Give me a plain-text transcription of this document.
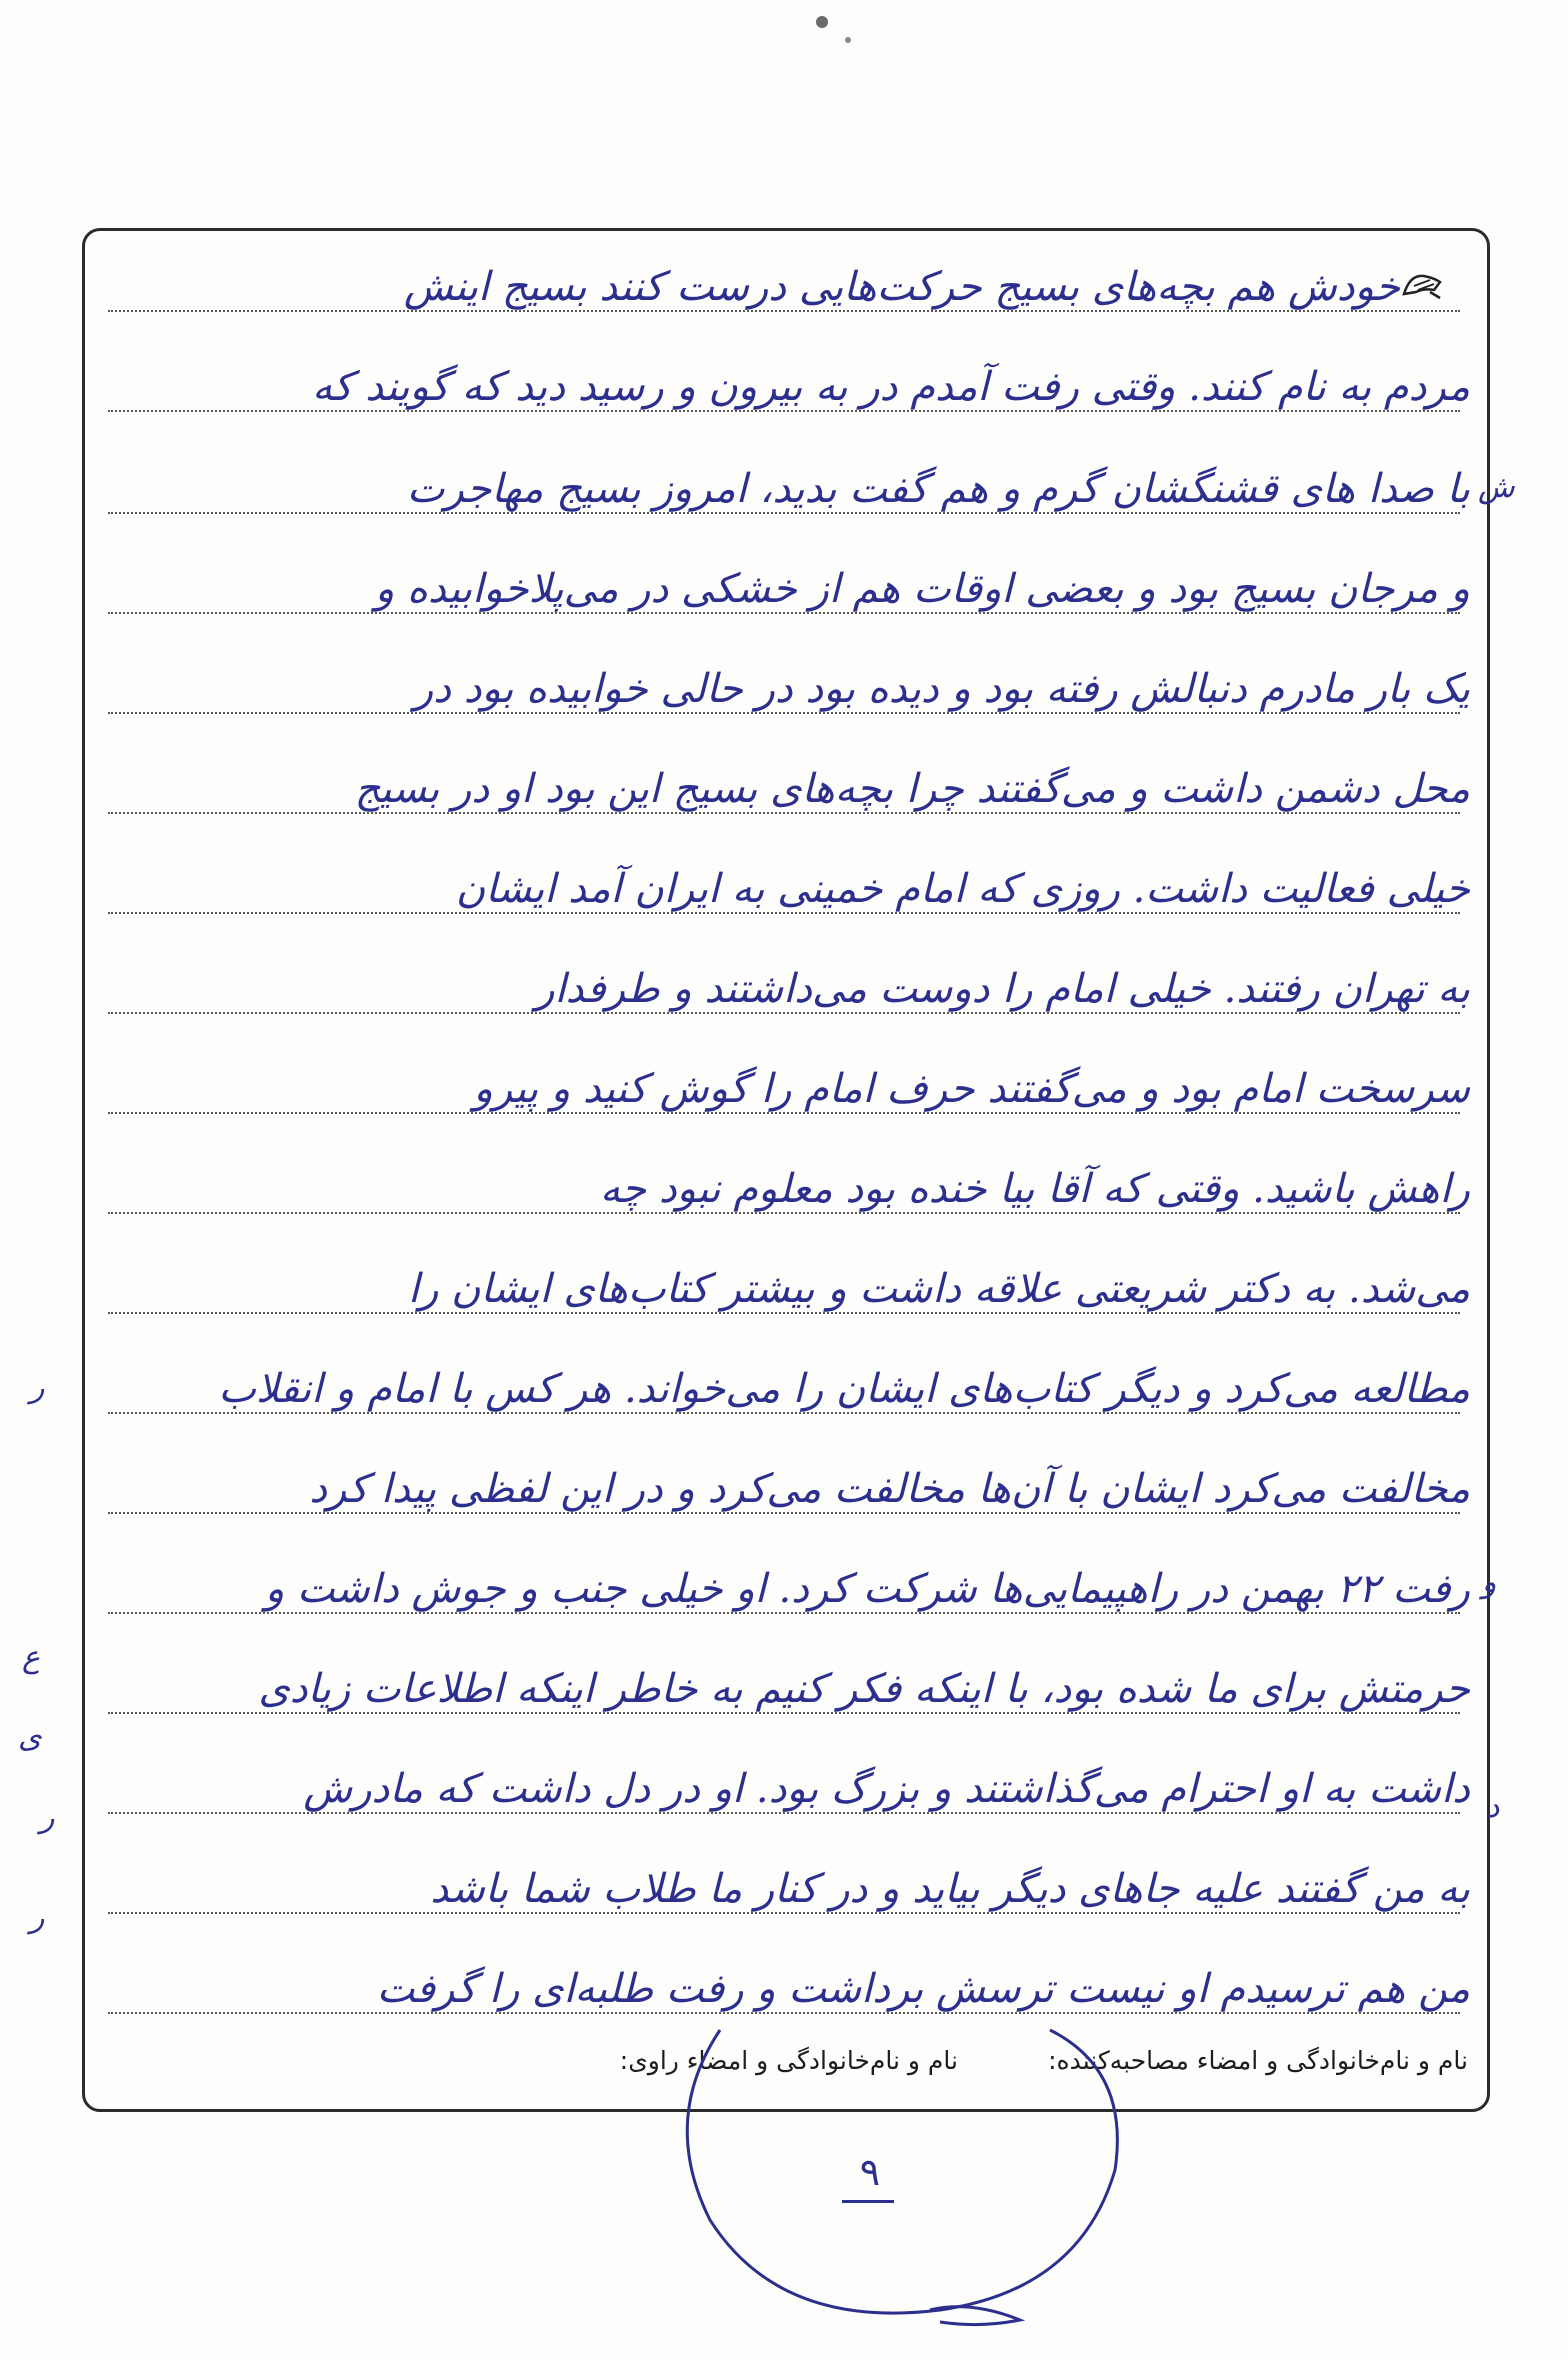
خودش هم بچه‌های بسیج حرکت‌هایی درست کنند بسیج اینش
مردم به نام کنند. وقتی رفت آمدم در به بیرون و رسید دید که گویند که
با صدا های قشنگشان گرم و هم گفت بدید، امروز بسیج مهاجرت
و مرجان بسیج بود و بعضی اوقات هم از خشکی در می‌پلاخوابیده و
یک بار مادرم دنبالش رفته بود و دیده بود در حالی خوابیده بود در
محل دشمن داشت و می‌گفتند چرا بچه‌های بسیج این بود او در بسیج
خیلی فعالیت داشت. روزی که امام خمینی به ایران آمد ایشان
به تهران رفتند. خیلی امام را دوست می‌داشتند و طرفدار
سرسخت امام بود و می‌گفتند حرف امام را گوش کنید و پیرو
راهش باشید. وقتی که آقا بیا خنده بود معلوم نبود چه
می‌شد. به دکتر شریعتی علاقه داشت و بیشتر کتاب‌های ایشان را
مطالعه می‌کرد و دیگر کتاب‌های ایشان را می‌خواند. هر کس با امام و انقلاب
مخالفت می‌کرد ایشان با آن‌ها مخالفت می‌کرد و در این لفظی پیدا کرد
رفت ۲۲ بهمن در راهپیمایی‌ها شرکت کرد. او خیلی جنب و جوش داشت و
حرمتش برای ما شده بود، با اینکه فکر کنیم به خاطر اینکه اطلاعات زیادی
داشت به او احترام می‌گذاشتند و بزرگ بود. او در دل داشت که مادرش
به من گفتند علیه جاهای دیگر بیاید و در کنار ما طلاب شما باشد
من هم ترسیدم او نیست ترسش برداشت و رفت طلبه‌ای را گرفت
ر
ع
ی
ر
ر
ش
و
د
نام و نام‌خانوادگی و امضاء مصاحبه‌کننده:
نام و نام‌خانوادگی و امضاء راوی:
۹
